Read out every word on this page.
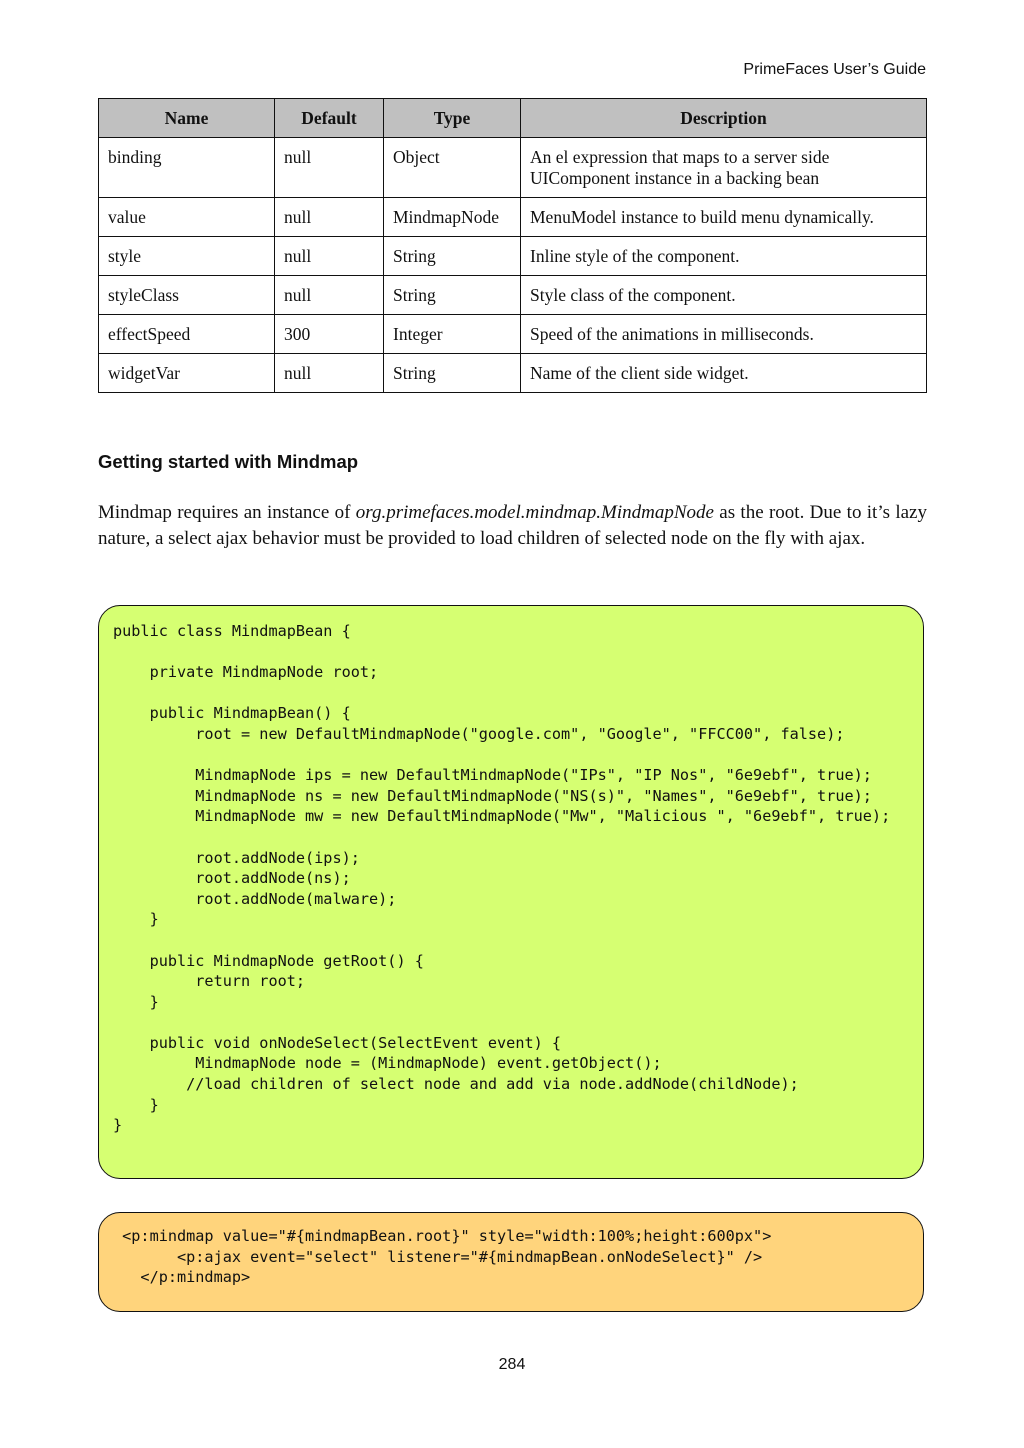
PrimeFaces User’s Guide
Name	Default	Type	Description
binding	null	Object	An el expression that maps to a server side UIComponent instance in a backing bean
value	null	MindmapNode	MenuModel instance to build menu dynamically.
style	null	String	Inline style of the component.
styleClass	null	String	Style class of the component.
effectSpeed	300	Integer	Speed of the animations in milliseconds.
widgetVar	null	String	Name of the client side widget.
Getting started with Mindmap

Mindmap requires an instance of org.primefaces.model.mindmap.MindmapNode as the root. Due to it’s lazy nature, a select ajax behavior must be provided to load children of selected node on the fly with ajax.

public class MindmapBean {

private MindmapNode root;

public MindmapBean() {
root = new DefaultMindmapNode("google.com", "Google", "FFCC00", false);

MindmapNode ips = new DefaultMindmapNode("IPs", "IP Nos", "6e9ebf", true);
MindmapNode ns = new DefaultMindmapNode("NS(s)", "Names", "6e9ebf", true);
MindmapNode mw = new DefaultMindmapNode("Mw", "Malicious ", "6e9ebf", true);

root.addNode(ips);
root.addNode(ns);
root.addNode(malware);
}

public MindmapNode getRoot() {
return root;
}

public void onNodeSelect(SelectEvent event) {
MindmapNode node = (MindmapNode) event.getObject();
//load children of select node and add via node.addNode(childNode);
}
}
<p:mindmap value="#{mindmapBean.root}" style="width:100%;height:600px">
<p:ajax event="select" listener="#{mindmapBean.onNodeSelect}" />
</p:mindmap>
284
